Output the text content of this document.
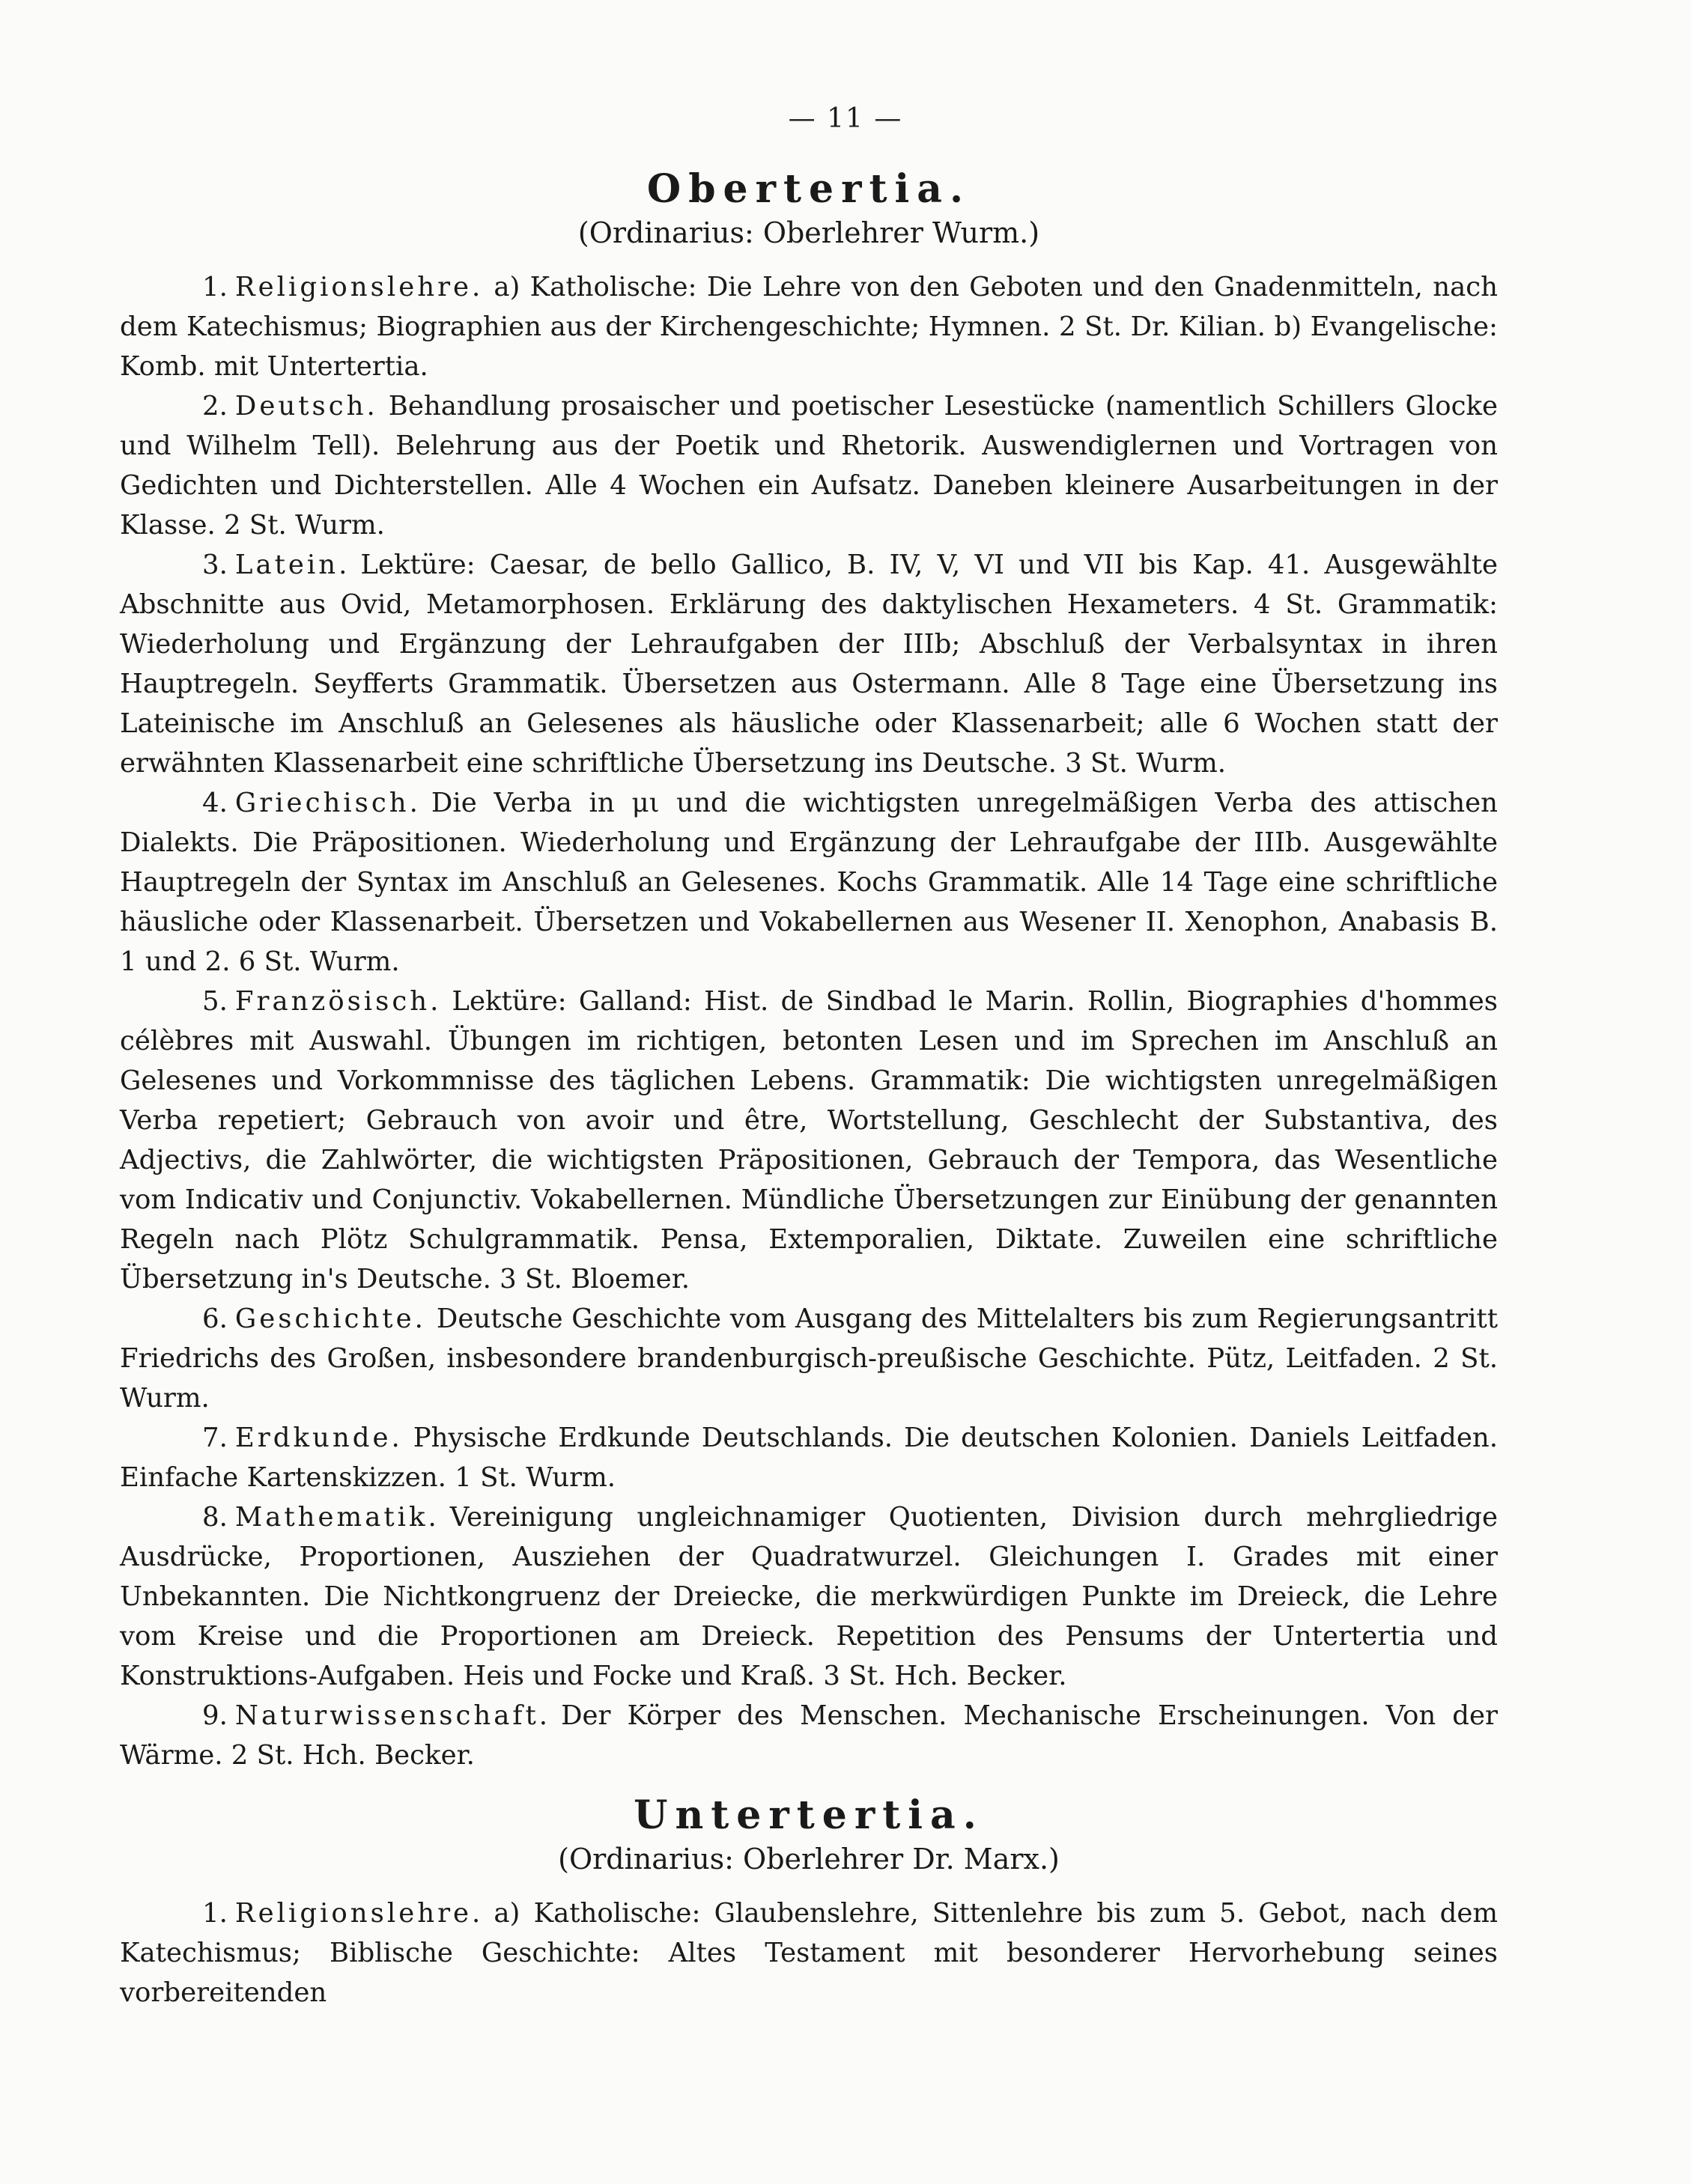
— 11 —
Obertertia.
(Ordinarius: Oberlehrer Wurm.)

1. Religionslehre. a) Katholische: Die Lehre von den Geboten und den Gnadenmitteln, nach dem Katechismus; Biographien aus der Kirchengeschichte; Hymnen. 2 St. Dr. Kilian. b) Evangelische: Komb. mit Untertertia.

2. Deutsch. Behandlung prosaischer und poetischer Lesestücke (namentlich Schillers Glocke und Wilhelm Tell). Belehrung aus der Poetik und Rhetorik. Auswendiglernen und Vortragen von Gedichten und Dichterstellen. Alle 4 Wochen ein Aufsatz. Daneben kleinere Ausarbeitungen in der Klasse. 2 St. Wurm.

3. Latein. Lektüre: Caesar, de bello Gallico, B. IV, V, VI und VII bis Kap. 41. Ausgewählte Abschnitte aus Ovid, Metamorphosen. Erklärung des daktylischen Hexameters. 4 St. Grammatik: Wiederholung und Ergänzung der Lehraufgaben der IIIb; Abschluß der Verbalsyntax in ihren Hauptregeln. Seyfferts Grammatik. Übersetzen aus Ostermann. Alle 8 Tage eine Übersetzung ins Lateinische im Anschluß an Gelesenes als häusliche oder Klassenarbeit; alle 6 Wochen statt der erwähnten Klassenarbeit eine schriftliche Übersetzung ins Deutsche. 3 St. Wurm.

4. Griechisch. Die Verba in μι und die wichtigsten unregelmäßigen Verba des attischen Dialekts. Die Präpositionen. Wiederholung und Ergänzung der Lehraufgabe der IIIb. Ausgewählte Hauptregeln der Syntax im Anschluß an Gelesenes. Kochs Grammatik. Alle 14 Tage eine schriftliche häusliche oder Klassenarbeit. Übersetzen und Vokabellernen aus Wesener II. Xenophon, Anabasis B. 1 und 2. 6 St. Wurm.

5. Französisch. Lektüre: Galland: Hist. de Sindbad le Marin. Rollin, Biographies d'hommes célèbres mit Auswahl. Übungen im richtigen, betonten Lesen und im Sprechen im Anschluß an Gelesenes und Vorkommnisse des täglichen Lebens. Grammatik: Die wichtigsten unregelmäßigen Verba repetiert; Gebrauch von avoir und être, Wortstellung, Geschlecht der Substantiva, des Adjectivs, die Zahlwörter, die wichtigsten Präpositionen, Gebrauch der Tempora, das Wesentliche vom Indicativ und Conjunctiv. Vokabellernen. Mündliche Übersetzungen zur Einübung der genannten Regeln nach Plötz Schulgrammatik. Pensa, Extemporalien, Diktate. Zuweilen eine schriftliche Übersetzung in's Deutsche. 3 St. Bloemer.

6. Geschichte. Deutsche Geschichte vom Ausgang des Mittelalters bis zum Regierungsantritt Friedrichs des Großen, insbesondere brandenburgisch-preußische Geschichte. Pütz, Leitfaden. 2 St. Wurm.

7. Erdkunde. Physische Erdkunde Deutschlands. Die deutschen Kolonien. Daniels Leitfaden. Einfache Kartenskizzen. 1 St. Wurm.

8. Mathematik. Vereinigung ungleichnamiger Quotienten, Division durch mehrgliedrige Ausdrücke, Proportionen, Ausziehen der Quadratwurzel. Gleichungen I. Grades mit einer Unbekannten. Die Nichtkongruenz der Dreiecke, die merkwürdigen Punkte im Dreieck, die Lehre vom Kreise und die Proportionen am Dreieck. Repetition des Pensums der Untertertia und Konstruktions-Aufgaben. Heis und Focke und Kraß. 3 St. Hch. Becker.

9. Naturwissenschaft. Der Körper des Menschen. Mechanische Erscheinungen. Von der Wärme. 2 St. Hch. Becker.

Untertertia.
(Ordinarius: Oberlehrer Dr. Marx.)

1. Religionslehre. a) Katholische: Glaubenslehre, Sittenlehre bis zum 5. Gebot, nach dem Katechismus; Biblische Geschichte: Altes Testament mit besonderer Hervorhebung seines vorbereitenden
